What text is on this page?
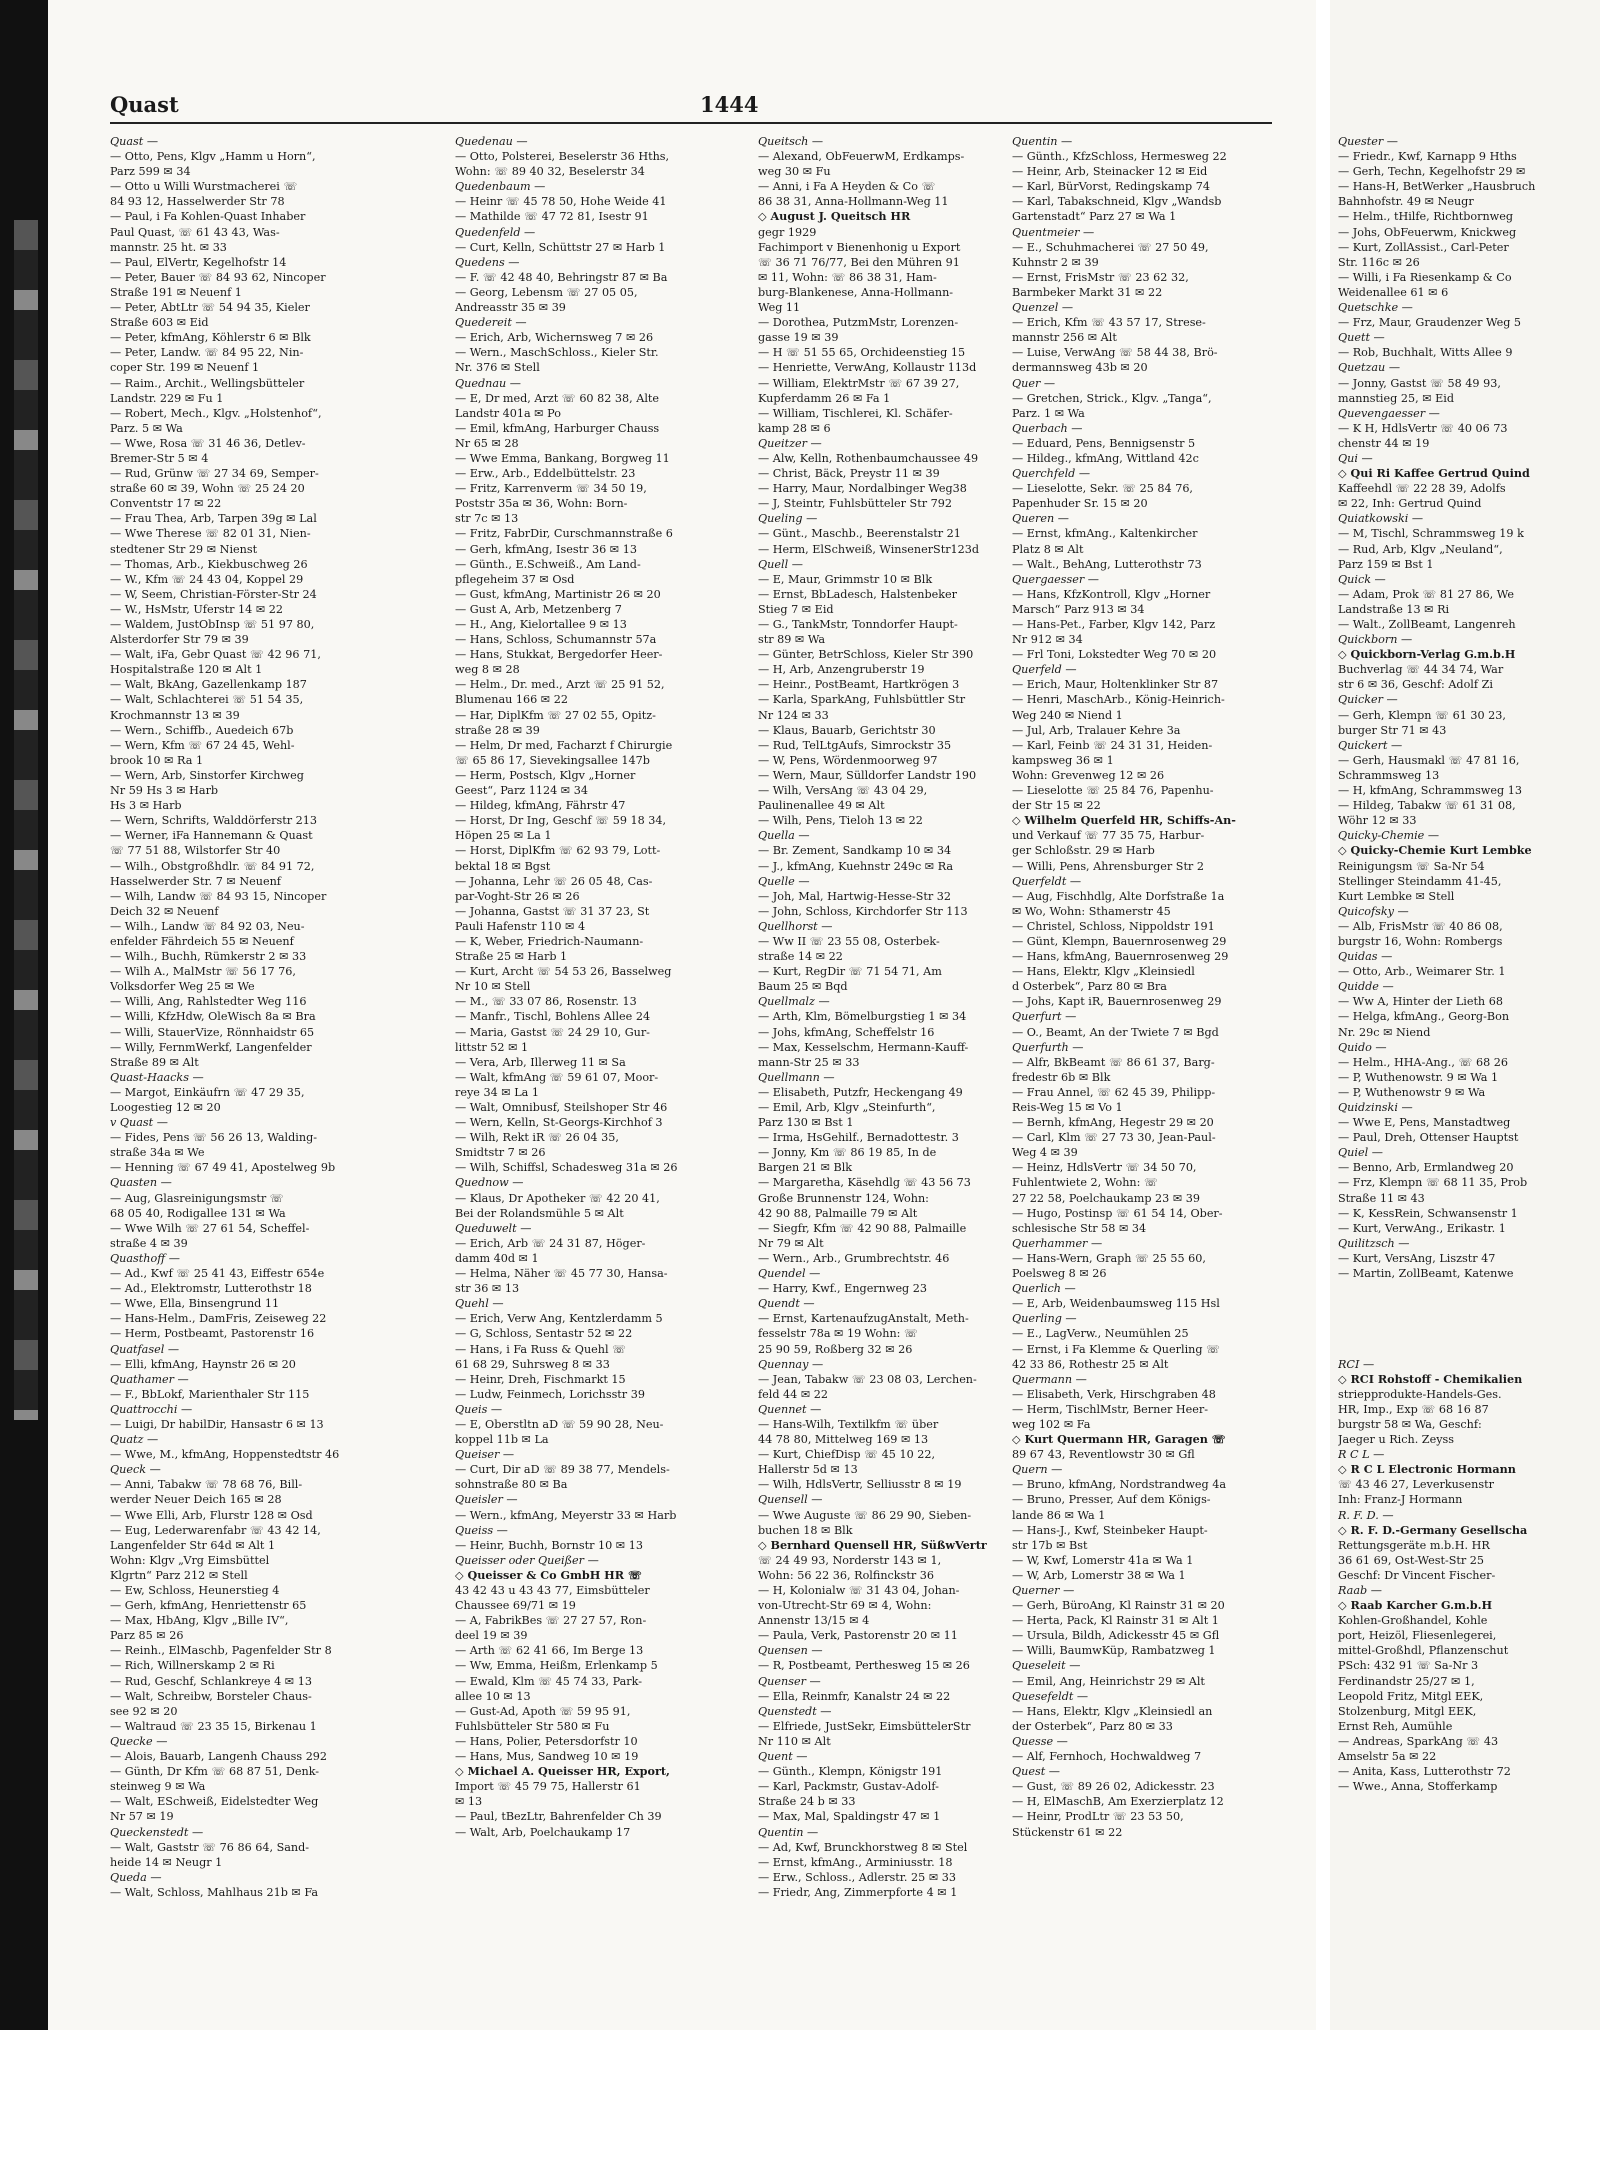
Quester —
— Friedr., Kwf, Karnapp 9 Hths
— Gerh, Techn, Kegelhofstr 29 ✉
— Hans-H, BetWerker „Hausbruch
Bahnhofstr. 49 ✉ Neugr
— Helm., tHilfe, Richtbornweg
— Johs, ObFeuerwm, Knickweg
— Kurt, ZollAssist., Carl-Peter
Str. 116c ✉ 26
— Willi, i Fa Riesenkamp & Co
Weidenallee 61 ✉ 6
Quetschke —
— Frz, Maur, Graudenzer Weg 5
Quett —
— Rob, Buchhalt, Witts Allee 9
Quetzau —
— Jonny, Gastst ☏ 58 49 93,
mannstieg 25, ✉ Eid
Quevengaesser —
— K H, HdlsVertr ☏ 40 06 73
chenstr 44 ✉ 19
Qui —
◇ Qui Ri Kaffee Gertrud Quind
Kaffeehdl ☏ 22 28 39, Adolfs
✉ 22, Inh: Gertrud Quind
Quiatkowski —
— M, Tischl, Schrammsweg 19 k
— Rud, Arb, Klgv „Neuland“,
Parz 159 ✉ Bst 1
Quick —
— Adam, Prok ☏ 81 27 86, We
Landstraße 13 ✉ Ri
— Walt., ZollBeamt, Langenreh
Quickborn —
◇ Quickborn-Verlag G.m.b.H
Buchverlag ☏ 44 34 74, War
str 6 ✉ 36, Geschf: Adolf Zi
Quicker —
— Gerh, Klempn ☏ 61 30 23,
burger Str 71 ✉ 43
Quickert —
— Gerh, Hausmakl ☏ 47 81 16,
Schrammsweg 13
— H, kfmAng, Schrammsweg 13
— Hildeg, Tabakw ☏ 61 31 08,
Wöhr 12 ✉ 33
Quicky-Chemie —
◇ Quicky-Chemie Kurt Lembke
Reinigungsm ☏ Sa-Nr 54
Stellinger Steindamm 41-45,
Kurt Lembke ✉ Stell
Quicofsky —
— Alb, FrisMstr ☏ 40 86 08,
burgstr 16, Wohn: Rombergs
Quidas —
— Otto, Arb., Weimarer Str. 1
Quidde —
— Ww A, Hinter der Lieth 68
— Helga, kfmAng., Georg-Bon
Nr. 29c ✉ Niend
Quido —
— Helm., HHA-Ang., ☏ 68 26
— P, Wuthenowstr. 9 ✉ Wa 1
— P, Wuthenowstr 9 ✉ Wa
Quidzinski —
— Wwe E, Pens, Manstadtweg
— Paul, Dreh, Ottenser Hauptst
Quiel —
— Benno, Arb, Ermlandweg 20
— Frz, Klempn ☏ 68 11 35, Prob
Straße 11 ✉ 43
— K, KessRein, Schwansenstr 1
— Kurt, VerwAng., Erikastr. 1
Quilitzsch —
— Kurt, VersAng, Liszstr 47
— Martin, ZollBeamt, Katenwe

RCI —
◇ RCI Rohstoff - Chemikalien
striepprodukte-Handels-Ges.
HR, Imp., Exp ☏ 68 16 87
burgstr 58 ✉ Wa, Geschf:
Jaeger u Rich. Zeyss
R C L —
◇ R C L Electronic Hormann
☏ 43 46 27, Leverkusenstr
Inh: Franz-J Hormann
R. F. D. —
◇ R. F. D.-Germany Gesellscha
Rettungsgeräte m.b.H. HR
36 61 69, Ost-West-Str 25
Geschf: Dr Vincent Fischer-
Raab —
◇ Raab Karcher G.m.b.H
Kohlen-Großhandel, Kohle
port, Heizöl, Fliesenlegerei,
mittel-Großhdl, Pflanzenschut
PSch: 432 91 ☏ Sa-Nr 3
Ferdinandstr 25/27 ✉ 1,
Leopold Fritz, Mitgl EEK,
Stolzenburg, Mitgl EEK,
Ernst Reh, Aumühle
— Andreas, SparkAng ☏ 43
Amselstr 5a ✉ 22
— Anita, Kass, Lutterothstr 72
— Wwe., Anna, Stofferkamp
Quast	1444
Quast —
— Otto, Pens, Klgv „Hamm u Horn“,
Parz 599 ✉ 34
— Otto u Willi Wurstmacherei ☏
84 93 12, Hasselwerder Str 78
— Paul, i Fa Kohlen-Quast Inhaber
Paul Quast, ☏ 61 43 43, Was-
mannstr. 25 ht. ✉ 33
— Paul, ElVertr, Kegelhofstr 14
— Peter, Bauer ☏ 84 93 62, Nincoper
Straße 191 ✉ Neuenf 1
— Peter, AbtLtr ☏ 54 94 35, Kieler
Straße 603 ✉ Eid
— Peter, kfmAng, Köhlerstr 6 ✉ Blk
— Peter, Landw. ☏ 84 95 22, Nin-
coper Str. 199 ✉ Neuenf 1
— Raim., Archit., Wellingsbütteler
Landstr. 229 ✉ Fu 1
— Robert, Mech., Klgv. „Holstenhof“,
Parz. 5 ✉ Wa
— Wwe, Rosa ☏ 31 46 36, Detlev-
Bremer-Str 5 ✉ 4
— Rud, Grünw ☏ 27 34 69, Semper-
straße 60 ✉ 39, Wohn ☏ 25 24 20
Conventstr 17 ✉ 22
— Frau Thea, Arb, Tarpen 39g ✉ Lal
— Wwe Therese ☏ 82 01 31, Nien-
stedtener Str 29 ✉ Nienst
— Thomas, Arb., Kiekbuschweg 26
— W., Kfm ☏ 24 43 04, Koppel 29
— W, Seem, Christian-Förster-Str 24
— W., HsMstr, Uferstr 14 ✉ 22
— Waldem, JustObInsp ☏ 51 97 80,
Alsterdorfer Str 79 ✉ 39
— Walt, iFa, Gebr Quast ☏ 42 96 71,
Hospitalstraße 120 ✉ Alt 1
— Walt, BkAng, Gazellenkamp 187
— Walt, Schlachterei ☏ 51 54 35,
Krochmannstr 13 ✉ 39
— Wern., Schiffb., Auedeich 67b
— Wern, Kfm ☏ 67 24 45, Wehl-
brook 10 ✉ Ra 1
— Wern, Arb, Sinstorfer Kirchweg
Nr 59 Hs 3 ✉ Harb
Hs 3 ✉ Harb
— Wern, Schrifts, Walddörferstr 213
— Werner, iFa Hannemann & Quast
☏ 77 51 88, Wilstorfer Str 40
— Wilh., Obstgroßhdlr. ☏ 84 91 72,
Hasselwerder Str. 7 ✉ Neuenf
— Wilh, Landw ☏ 84 93 15, Nincoper
Deich 32 ✉ Neuenf
— Wilh., Landw ☏ 84 92 03, Neu-
enfelder Fährdeich 55 ✉ Neuenf
— Wilh., Buchh, Rümkerstr 2 ✉ 33
— Wilh A., MalMstr ☏ 56 17 76,
Volksdorfer Weg 25 ✉ We
— Willi, Ang, Rahlstedter Weg 116
— Willi, KfzHdw, OleWisch 8a ✉ Bra
— Willi, StauerVize, Rönnhaidstr 65
— Willy, FernmWerkf, Langenfelder
Straße 89 ✉ Alt
Quast-Haacks —
— Margot, Einkäufrn ☏ 47 29 35,
Loogestieg 12 ✉ 20
v Quast —
— Fides, Pens ☏ 56 26 13, Walding-
straße 34a ✉ We
— Henning ☏ 67 49 41, Apostelweg 9b
Quasten —
— Aug, Glasreinigungsmstr ☏
68 05 40, Rodigallee 131 ✉ Wa
— Wwe Wilh ☏ 27 61 54, Scheffel-
straße 4 ✉ 39
Quasthoff —
— Ad., Kwf ☏ 25 41 43, Eiffestr 654e
— Ad., Elektromstr, Lutterothstr 18
— Wwe, Ella, Binsengrund 11
— Hans-Helm., DamFris, Zeiseweg 22
— Herm, Postbeamt, Pastorenstr 16
Quatfasel —
— Elli, kfmAng, Haynstr 26 ✉ 20
Quathamer —
— F., BbLokf, Marienthaler Str 115
Quattrocchi —
— Luigi, Dr habilDir, Hansastr 6 ✉ 13
Quatz —
— Wwe, M., kfmAng, Hoppenstedtstr 46
Queck —
— Anni, Tabakw ☏ 78 68 76, Bill-
werder Neuer Deich 165 ✉ 28
— Wwe Elli, Arb, Flurstr 128 ✉ Osd
— Eug, Lederwarenfabr ☏ 43 42 14,
Langenfelder Str 64d ✉ Alt 1
Wohn: Klgv „Vrg Eimsbüttel
Klgrtn“ Parz 212 ✉ Stell
— Ew, Schloss, Heunerstieg 4
— Gerh, kfmAng, Henriettenstr 65
— Max, HbAng, Klgv „Bille IV“,
Parz 85 ✉ 26
— Reinh., ElMaschb, Pagenfelder Str 8
— Rich, Willnerskamp 2 ✉ Ri
— Rud, Geschf, Schlankreye 4 ✉ 13
— Walt, Schreibw, Borsteler Chaus-
see 92 ✉ 20
— Waltraud ☏ 23 35 15, Birkenau 1
Quecke —
— Alois, Bauarb, Langenh Chauss 292
— Günth, Dr Kfm ☏ 68 87 51, Denk-
steinweg 9 ✉ Wa
— Walt, ESchweiß, Eidelstedter Weg
Nr 57 ✉ 19
Queckenstedt —
— Walt, Gaststr ☏ 76 86 64, Sand-
heide 14 ✉ Neugr 1
Queda —
— Walt, Schloss, Mahlhaus 21b ✉ Fa
Quedenau —
— Otto, Polsterei, Beselerstr 36 Hths,
Wohn: ☏ 89 40 32, Beselerstr 34
Quedenbaum —
— Heinr ☏ 45 78 50, Hohe Weide 41
— Mathilde ☏ 47 72 81, Isestr 91
Quedenfeld —
— Curt, Kelln, Schüttstr 27 ✉ Harb 1
Quedens —
— F. ☏ 42 48 40, Behringstr 87 ✉ Ba
— Georg, Lebensm ☏ 27 05 05,
Andreasstr 35 ✉ 39
Quedereit —
— Erich, Arb, Wichernsweg 7 ✉ 26
— Wern., MaschSchloss., Kieler Str.
Nr. 376 ✉ Stell
Quednau —
— E, Dr med, Arzt ☏ 60 82 38, Alte
Landstr 401a ✉ Po
— Emil, kfmAng, Harburger Chauss
Nr 65 ✉ 28
— Wwe Emma, Bankang, Borgweg 11
— Erw., Arb., Eddelbüttelstr. 23
— Fritz, Karrenverm ☏ 34 50 19,
Poststr 35a ✉ 36, Wohn: Born-
str 7c ✉ 13
— Fritz, FabrDir, Curschmannstraße 6
— Gerh, kfmAng, Isestr 36 ✉ 13
— Günth., E.Schweiß., Am Land-
pflegeheim 37 ✉ Osd
— Gust, kfmAng, Martinistr 26 ✉ 20
— Gust A, Arb, Metzenberg 7
— H., Ang, Kielortallee 9 ✉ 13
— Hans, Schloss, Schumannstr 57a
— Hans, Stukkat, Bergedorfer Heer-
weg 8 ✉ 28
— Helm., Dr. med., Arzt ☏ 25 91 52,
Blumenau 166 ✉ 22
— Har, DiplKfm ☏ 27 02 55, Opitz-
straße 28 ✉ 39
— Helm, Dr med, Facharzt f Chirurgie
☏ 65 86 17, Sievekingsallee 147b
— Herm, Postsch, Klgv „Horner
Geest“, Parz 1124 ✉ 34
— Hildeg, kfmAng, Fährstr 47
— Horst, Dr Ing, Geschf ☏ 59 18 34,
Höpen 25 ✉ La 1
— Horst, DiplKfm ☏ 62 93 79, Lott-
bektal 18 ✉ Bgst
— Johanna, Lehr ☏ 26 05 48, Cas-
par-Voght-Str 26 ✉ 26
— Johanna, Gastst ☏ 31 37 23, St
Pauli Hafenstr 110 ✉ 4
— K, Weber, Friedrich-Naumann-
Straße 25 ✉ Harb 1
— Kurt, Archt ☏ 54 53 26, Basselweg
Nr 10 ✉ Stell
— M., ☏ 33 07 86, Rosenstr. 13
— Manfr., Tischl, Bohlens Allee 24
— Maria, Gastst ☏ 24 29 10, Gur-
littstr 52 ✉ 1
— Vera, Arb, Illerweg 11 ✉ Sa
— Walt, kfmAng ☏ 59 61 07, Moor-
reye 34 ✉ La 1
— Walt, Omnibusf, Steilshoper Str 46
— Wern, Kelln, St-Georgs-Kirchhof 3
— Wilh, Rekt iR ☏ 26 04 35,
Smidtstr 7 ✉ 26
— Wilh, Schiffsl, Schadesweg 31a ✉ 26
Quednow —
— Klaus, Dr Apotheker ☏ 42 20 41,
Bei der Rolandsmühle 5 ✉ Alt
Queduwelt —
— Erich, Arb ☏ 24 31 87, Höger-
damm 40d ✉ 1
— Helma, Näher ☏ 45 77 30, Hansa-
str 36 ✉ 13
Quehl —
— Erich, Verw Ang, Kentzlerdamm 5
— G, Schloss, Sentastr 52 ✉ 22
— Hans, i Fa Russ & Quehl ☏
61 68 29, Suhrsweg 8 ✉ 33
— Heinr, Dreh, Fischmarkt 15
— Ludw, Feinmech, Lorichsstr 39
Queis —
— E, Oberstltn aD ☏ 59 90 28, Neu-
koppel 11b ✉ La
Queiser —
— Curt, Dir aD ☏ 89 38 77, Mendels-
sohnstraße 80 ✉ Ba
Queisler —
— Wern., kfmAng, Meyerstr 33 ✉ Harb
Queiss —
— Heinr, Buchh, Bornstr 10 ✉ 13
Queisser oder Queißer —
◇ Queisser & Co GmbH HR ☏
43 42 43 u 43 43 77, Eimsbütteler
Chaussee 69/71 ✉ 19
— A, FabrikBes ☏ 27 27 57, Ron-
deel 19 ✉ 39
— Arth ☏ 62 41 66, Im Berge 13
— Ww, Emma, Heißm, Erlenkamp 5
— Ewald, Klm ☏ 45 74 33, Park-
allee 10 ✉ 13
— Gust-Ad, Apoth ☏ 59 95 91,
Fuhlsbütteler Str 580 ✉ Fu
— Hans, Polier, Petersdorfstr 10
— Hans, Mus, Sandweg 10 ✉ 19
◇ Michael A. Queisser HR, Export,
Import ☏ 45 79 75, Hallerstr 61
✉ 13
— Paul, tBezLtr, Bahrenfelder Ch 39
— Walt, Arb, Poelchaukamp 17
Queitsch —
— Alexand, ObFeuerwM, Erdkamps-
weg 30 ✉ Fu
— Anni, i Fa A Heyden & Co ☏
86 38 31, Anna-Hollmann-Weg 11
◇ August J. Queitsch HR
gegr 1929
Fachimport v Bienenhonig u Export
☏ 36 71 76/77, Bei den Mühren 91
✉ 11, Wohn: ☏ 86 38 31, Ham-
burg-Blankenese, Anna-Hollmann-
Weg 11
— Dorothea, PutzmMstr, Lorenzen-
gasse 19 ✉ 39
— H ☏ 51 55 65, Orchideenstieg 15
— Henriette, VerwAng, Kollaustr 113d
— William, ElektrMstr ☏ 67 39 27,
Kupferdamm 26 ✉ Fa 1
— William, Tischlerei, Kl. Schäfer-
kamp 28 ✉ 6
Queitzer —
— Alw, Kelln, Rothenbaumchaussee 49
— Christ, Bäck, Preystr 11 ✉ 39
— Harry, Maur, Nordalbinger Weg38
— J, Steintr, Fuhlsbütteler Str 792
Queling —
— Günt., Maschb., Beerenstalstr 21
— Herm, ElSchweiß, WinsenerStr123d
Quell —
— E, Maur, Grimmstr 10 ✉ Blk
— Ernst, BbLadesch, Halstenbeker
Stieg 7 ✉ Eid
— G., TankMstr, Tonndorfer Haupt-
str 89 ✉ Wa
— Günter, BetrSchloss, Kieler Str 390
— H, Arb, Anzengruberstr 19
— Heinr., PostBeamt, Hartkrögen 3
— Karla, SparkAng, Fuhlsbüttler Str
Nr 124 ✉ 33
— Klaus, Bauarb, Gerichtstr 30
— Rud, TelLtgAufs, Simrockstr 35
— W, Pens, Wördenmoorweg 97
— Wern, Maur, Sülldorfer Landstr 190
— Wilh, VersAng ☏ 43 04 29,
Paulinenallee 49 ✉ Alt
— Wilh, Pens, Tieloh 13 ✉ 22
Quella —
— Br. Zement, Sandkamp 10 ✉ 34
— J., kfmAng, Kuehnstr 249c ✉ Ra
Quelle —
— Joh, Mal, Hartwig-Hesse-Str 32
— John, Schloss, Kirchdorfer Str 113
Quellhorst —
— Ww II ☏ 23 55 08, Osterbek-
straße 14 ✉ 22
— Kurt, RegDir ☏ 71 54 71, Am
Baum 25 ✉ Bqd
Quellmalz —
— Arth, Klm, Bömelburgstieg 1 ✉ 34
— Johs, kfmAng, Scheffelstr 16
— Max, Kesselschm, Hermann-Kauff-
mann-Str 25 ✉ 33
Quellmann —
— Elisabeth, Putzfr, Heckengang 49
— Emil, Arb, Klgv „Steinfurth“,
Parz 130 ✉ Bst 1
— Irma, HsGehilf., Bernadottestr. 3
— Jonny, Km ☏ 86 19 85, In de
Bargen 21 ✉ Blk
— Margaretha, Käsehdlg ☏ 43 56 73
Große Brunnenstr 124, Wohn:
42 90 88, Palmaille 79 ✉ Alt
— Siegfr, Kfm ☏ 42 90 88, Palmaille
Nr 79 ✉ Alt
— Wern., Arb., Grumbrechtstr. 46
Quendel —
— Harry, Kwf., Engernweg 23
Quendt —
— Ernst, KartenaufzugAnstalt, Meth-
fesselstr 78a ✉ 19 Wohn: ☏
25 90 59, Roßberg 32 ✉ 26
Quennay —
— Jean, Tabakw ☏ 23 08 03, Lerchen-
feld 44 ✉ 22
Quennet —
— Hans-Wilh, Textilkfm ☏ über
44 78 80, Mittelweg 169 ✉ 13
— Kurt, ChiefDisp ☏ 45 10 22,
Hallerstr 5d ✉ 13
— Wilh, HdlsVertr, Selliusstr 8 ✉ 19
Quensell —
— Wwe Auguste ☏ 86 29 90, Sieben-
buchen 18 ✉ Blk
◇ Bernhard Quensell HR, SüßwVertr
☏ 24 49 93, Norderstr 143 ✉ 1,
Wohn: 56 22 36, Rolfinckstr 36
— H, Kolonialw ☏ 31 43 04, Johan-
von-Utrecht-Str 69 ✉ 4, Wohn:
Annenstr 13/15 ✉ 4
— Paula, Verk, Pastorenstr 20 ✉ 11
Quensen —
— R, Postbeamt, Perthesweg 15 ✉ 26
Quenser —
— Ella, Reinmfr, Kanalstr 24 ✉ 22
Quenstedt —
— Elfriede, JustSekr, EimsbüttelerStr
Nr 110 ✉ Alt
Quent —
— Günth., Klempn, Königstr 191
— Karl, Packmstr, Gustav-Adolf-
Straße 24 b ✉ 33
— Max, Mal, Spaldingstr 47 ✉ 1
Quentin —
— Ad, Kwf, Brunckhorstweg 8 ✉ Stel
— Ernst, kfmAng., Arminiusstr. 18
— Erw., Schloss., Adlerstr. 25 ✉ 33
— Friedr, Ang, Zimmerpforte 4 ✉ 1
Quentin —
— Günth., KfzSchloss, Hermesweg 22
— Heinr, Arb, Steinacker 12 ✉ Eid
— Karl, BürVorst, Redingskamp 74
— Karl, Tabakschneid, Klgv „Wandsb
Gartenstadt“ Parz 27 ✉ Wa 1
Quentmeier —
— E., Schuhmacherei ☏ 27 50 49,
Kuhnstr 2 ✉ 39
— Ernst, FrisMstr ☏ 23 62 32,
Barmbeker Markt 31 ✉ 22
Quenzel —
— Erich, Kfm ☏ 43 57 17, Strese-
mannstr 256 ✉ Alt
— Luise, VerwAng ☏ 58 44 38, Brö-
dermannsweg 43b ✉ 20
Quer —
— Gretchen, Strick., Klgv. „Tanga“,
Parz. 1 ✉ Wa
Querbach —
— Eduard, Pens, Bennigsenstr 5
— Hildeg., kfmAng, Wittland 42c
Querchfeld —
— Lieselotte, Sekr. ☏ 25 84 76,
Papenhuder Sr. 15 ✉ 20
Queren —
— Ernst, kfmAng., Kaltenkircher
Platz 8 ✉ Alt
— Walt., BehAng, Lutterothstr 73
Quergaesser —
— Hans, KfzKontroll, Klgv „Horner
Marsch“ Parz 913 ✉ 34
— Hans-Pet., Farber, Klgv 142, Parz
Nr 912 ✉ 34
— Frl Toni, Lokstedter Weg 70 ✉ 20
Querfeld —
— Erich, Maur, Holtenklinker Str 87
— Henri, MaschArb., König-Heinrich-
Weg 240 ✉ Niend 1
— Jul, Arb, Tralauer Kehre 3a
— Karl, Feinb ☏ 24 31 31, Heiden-
kampsweg 36 ✉ 1
Wohn: Grevenweg 12 ✉ 26
— Lieselotte ☏ 25 84 76, Papenhu-
der Str 15 ✉ 22
◇ Wilhelm Querfeld HR, Schiffs-An-
und Verkauf ☏ 77 35 75, Harbur-
ger Schloßstr. 29 ✉ Harb
— Willi, Pens, Ahrensburger Str 2
Querfeldt —
— Aug, Fischhdlg, Alte Dorfstraße 1a
✉ Wo, Wohn: Sthamerstr 45
— Christel, Schloss, Nippoldstr 191
— Günt, Klempn, Bauernrosenweg 29
— Hans, kfmAng, Bauernrosenweg 29
— Hans, Elektr, Klgv „Kleinsiedl
d Osterbek“, Parz 80 ✉ Bra
— Johs, Kapt iR, Bauernrosenweg 29
Querfurt —
— O., Beamt, An der Twiete 7 ✉ Bgd
Querfurth —
— Alfr, BkBeamt ☏ 86 61 37, Barg-
fredestr 6b ✉ Blk
— Frau Annel, ☏ 62 45 39, Philipp-
Reis-Weg 15 ✉ Vo 1
— Bernh, kfmAng, Hegestr 29 ✉ 20
— Carl, Klm ☏ 27 73 30, Jean-Paul-
Weg 4 ✉ 39
— Heinz, HdlsVertr ☏ 34 50 70,
Fuhlentwiete 2, Wohn: ☏
27 22 58, Poelchaukamp 23 ✉ 39
— Hugo, Postinsp ☏ 61 54 14, Ober-
schlesische Str 58 ✉ 34
Querhammer —
— Hans-Wern, Graph ☏ 25 55 60,
Poelsweg 8 ✉ 26
Querlich —
— E, Arb, Weidenbaumsweg 115 Hsl
Querling —
— E., LagVerw., Neumühlen 25
— Ernst, i Fa Klemme & Querling ☏
42 33 86, Rothestr 25 ✉ Alt
Quermann —
— Elisabeth, Verk, Hirschgraben 48
— Herm, TischlMstr, Berner Heer-
weg 102 ✉ Fa
◇ Kurt Quermann HR, Garagen ☏
89 67 43, Reventlowstr 30 ✉ Gfl
Quern —
— Bruno, kfmAng, Nordstrandweg 4a
— Bruno, Presser, Auf dem Königs-
lande 86 ✉ Wa 1
— Hans-J., Kwf, Steinbeker Haupt-
str 17b ✉ Bst
— W, Kwf, Lomerstr 41a ✉ Wa 1
— W, Arb, Lomerstr 38 ✉ Wa 1
Querner —
— Gerh, BüroAng, Kl Rainstr 31 ✉ 20
— Herta, Pack, Kl Rainstr 31 ✉ Alt 1
— Ursula, Bildh, Adickesstr 45 ✉ Gfl
— Willi, BaumwKüp, Rambatzweg 1
Queseleit —
— Emil, Ang, Heinrichstr 29 ✉ Alt
Quesefeldt —
— Hans, Elektr, Klgv „Kleinsiedl an
der Osterbek“, Parz 80 ✉ 33
Quesse —
— Alf, Fernhoch, Hochwaldweg 7
Quest —
— Gust, ☏ 89 26 02, Adickesstr. 23
— H, ElMaschB, Am Exerzierplatz 12
— Heinr, ProdLtr ☏ 23 53 50,
Stückenstr 61 ✉ 22
